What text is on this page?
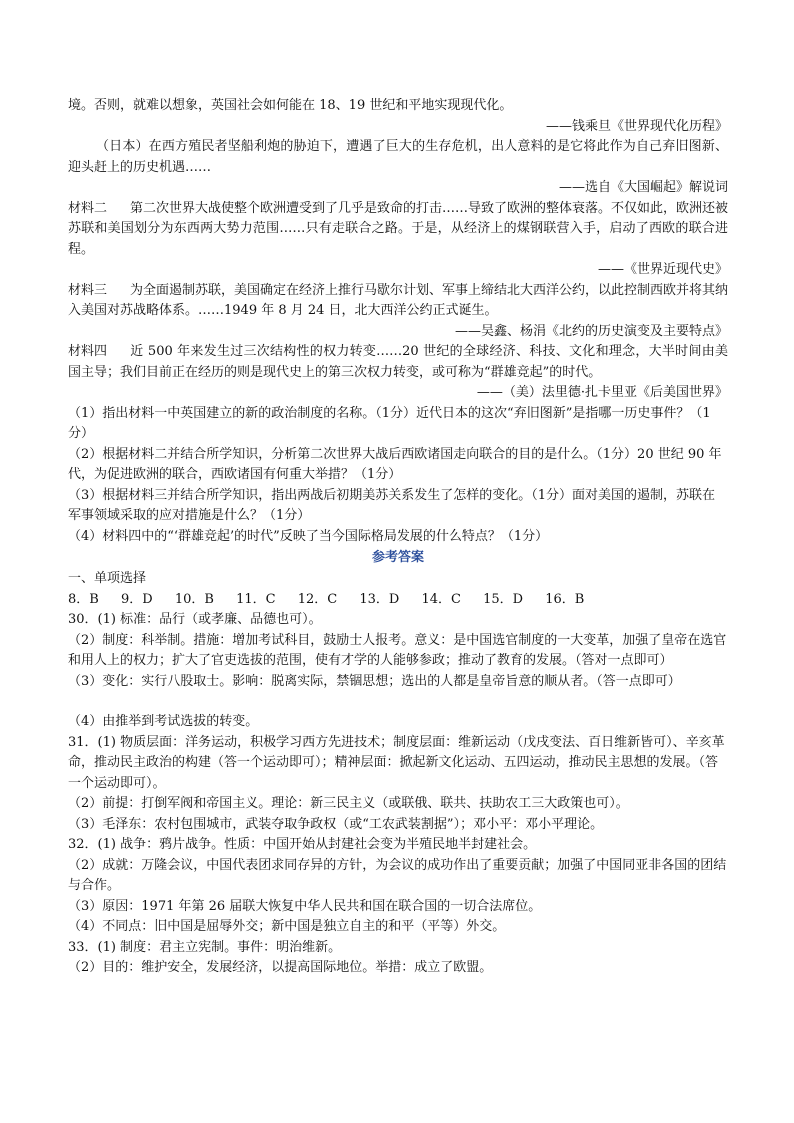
境。否则，就难以想象，英国社会如何能在 18、19 世纪和平地实现现代化。

——钱乘旦《世界现代化历程》

（日本）在西方殖民者坚船利炮的胁迫下，遭遇了巨大的生存危机，出人意料的是它将此作为自己弃旧图新、迎头赶上的历史机遇……

——选自《大国崛起》解说词

材料二 第二次世界大战使整个欧洲遭受到了几乎是致命的打击……导致了欧洲的整体衰落。不仅如此，欧洲还被苏联和美国划分为东西两大势力范围……只有走联合之路。于是，从经济上的煤钢联营入手，启动了西欧的联合进程。

——《世界近现代史》

材料三 为全面遏制苏联，美国确定在经济上推行马歇尔计划、军事上缔结北大西洋公约，以此控制西欧并将其纳入美国对苏战略体系。……1949 年 8 月 24 日，北大西洋公约正式诞生。

——吴鑫、杨涓《北约的历史演变及主要特点》

材料四 近 500 年来发生过三次结构性的权力转变……20 世纪的全球经济、科技、文化和理念，大半时间由美国主导；我们目前正在经历的则是现代史上的第三次权力转变，或可称为“群雄竞起”的时代。

——（美）法里德·扎卡里亚《后美国世界》

（1）指出材料一中英国建立的新的政治制度的名称。（1分）近代日本的这次“弃旧图新”是指哪一历史事件？（1分）

（2）根据材料二并结合所学知识，分析第二次世界大战后西欧诸国走向联合的目的是什么。（1分）20 世纪 90 年代，为促进欧洲的联合，西欧诸国有何重大举措？（1分）

（3）根据材料三并结合所学知识，指出两战后初期美苏关系发生了怎样的变化。（1分）面对美国的遏制，苏联在军事领域采取的应对措施是什么？（1分）

（4）材料四中的“‘群雄竞起’的时代”反映了当今国际格局发展的什么特点？（1分）

参考答案

一、单项选择

8．B 9．D 10．B 11．C 12．C 13．D 14．C 15．D 16．B

30．(1) 标准：品行（或孝廉、品德也可）。

（2）制度：科举制。措施：增加考试科目，鼓励士人报考。意义：是中国选官制度的一大变革，加强了皇帝在选官和用人上的权力；扩大了官吏选拔的范围，使有才学的人能够参政；推动了教育的发展。（答对一点即可）

（3）变化：实行八股取士。影响：脱离实际，禁锢思想；选出的人都是皇帝旨意的顺从者。（答一点即可）

（4）由推举到考试选拔的转变。

31．(1) 物质层面：洋务运动，积极学习西方先进技术；制度层面：维新运动（戊戌变法、百日维新皆可）、辛亥革命，推动民主政治的构建（答一个运动即可）；精神层面：掀起新文化运动、五四运动，推动民主思想的发展。（答一个运动即可）。

（2）前提：打倒军阀和帝国主义。理论：新三民主义（或联俄、联共、扶助农工三大政策也可）。

（3）毛泽东：农村包围城市，武装夺取争政权（或“工农武装割据”）；邓小平：邓小平理论。

32．(1) 战争：鸦片战争。性质：中国开始从封建社会变为半殖民地半封建社会。

（2）成就：万隆会议，中国代表团求同存异的方针，为会议的成功作出了重要贡献；加强了中国同亚非各国的团结与合作。

（3）原因：1971 年第 26 届联大恢复中华人民共和国在联合国的一切合法席位。

（4）不同点：旧中国是屈辱外交；新中国是独立自主的和平（平等）外交。

33．(1) 制度：君主立宪制。事件：明治维新。

（2）目的：维护安全，发展经济，以提高国际地位。举措：成立了欧盟。
